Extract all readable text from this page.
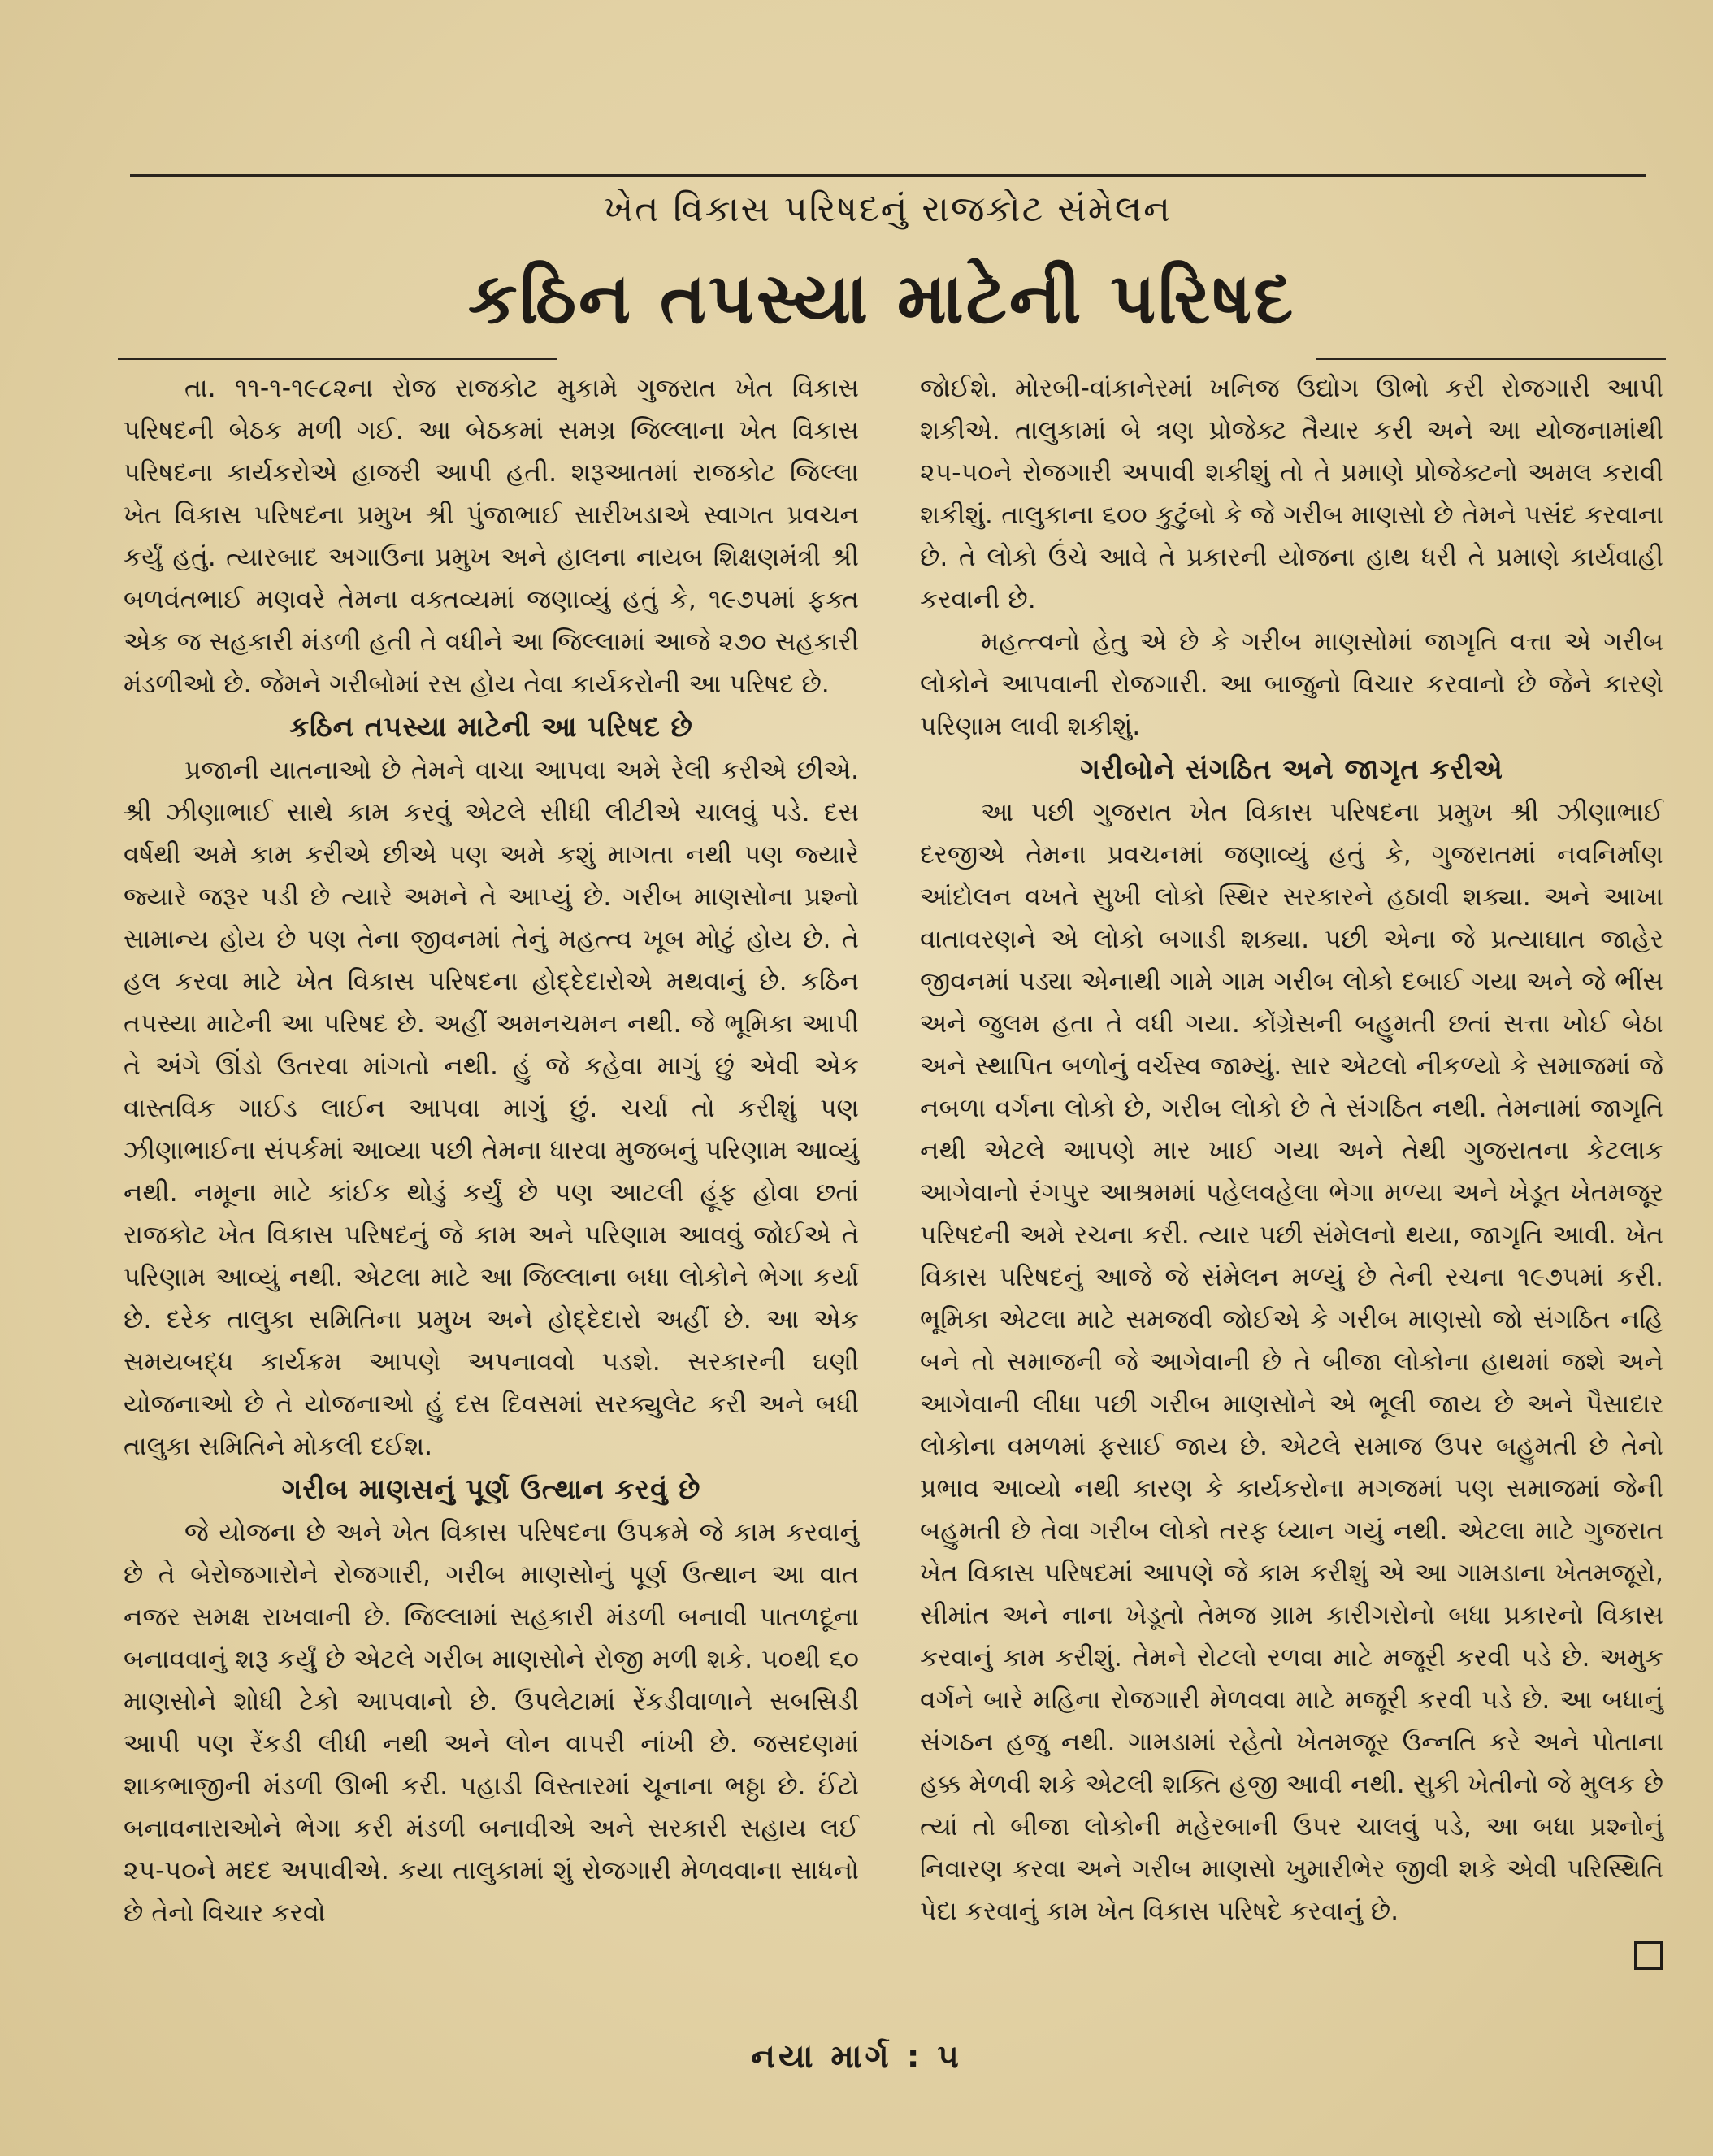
ખેત વિકાસ પરિષદનું રાજકોટ સંમેલન
કઠિન તપસ્યા માટેની પરિષદ

તા. ૧૧-૧-૧૯૮૨ના રોજ રાજકોટ મુકામે ગુજરાત ખેત વિકાસ પરિષદની બેઠક મળી ગઈ. આ બેઠકમાં સમગ્ર જિલ્લાના ખેત વિકાસ પરિષદના કાર્યકરોએ હાજરી આપી હતી. શરૂઆતમાં રાજકોટ જિલ્લા ખેત વિકાસ પરિષદના પ્રમુખ શ્રી પુંજાભાઈ સારીખડાએ સ્વાગત પ્રવચન કર્યું હતું. ત્યારબાદ અગાઉના પ્રમુખ અને હાલના નાયબ શિક્ષણમંત્રી શ્રી બળવંતભાઈ મણવરે તેમના વક્તવ્યમાં જણાવ્યું હતું કે, ૧૯૭૫માં ફક્ત એક જ સહકારી મંડળી હતી તે વધીને આ જિલ્લામાં આજે ૨૭૦ સહકારી મંડળીઓ છે. જેમને ગરીબોમાં રસ હોય તેવા કાર્યકરોની આ પરિષદ છે.

કઠિન તપસ્યા માટેની આ પરિષદ છે

પ્રજાની યાતનાઓ છે તેમને વાચા આપવા અમે રેલી કરીએ છીએ. શ્રી ઝીણાભાઈ સાથે કામ કરવું એટલે સીધી લીટીએ ચાલવું પડે. દસ વર્ષથી અમે કામ કરીએ છીએ પણ અમે કશું માગતા નથી પણ જ્યારે જ્યારે જરૂર પડી છે ત્યારે અમને તે આપ્યું છે. ગરીબ માણસોના પ્રશ્નો સામાન્ય હોય છે પણ તેના જીવનમાં તેનું મહત્ત્વ ખૂબ મોટું હોય છે. તે હલ કરવા માટે ખેત વિકાસ પરિષદના હોદ્દેદારોએ મથવાનું છે. કઠિન તપસ્યા માટેની આ પરિષદ છે. અહીં અમનચમન નથી. જે ભૂમિકા આપી તે અંગે ઊંડો ઉતરવા માંગતો નથી. હું જે કહેવા માગું છું એવી એક વાસ્તવિક ગાઈડ લાઈન આપવા માગું છું. ચર્ચા તો કરીશું પણ ઝીણાભાઈના સંપર્કમાં આવ્યા પછી તેમના ધારવા મુજબનું પરિણામ આવ્યું નથી. નમૂના માટે કાંઈક થોડું કર્યું છે પણ આટલી હૂંફ હોવા છતાં રાજકોટ ખેત વિકાસ પરિષદનું જે કામ અને પરિણામ આવવું જોઈએ તે પરિણામ આવ્યું નથી. એટલા માટે આ જિલ્લાના બધા લોકોને ભેગા કર્યા છે. દરેક તાલુકા સમિતિના પ્રમુખ અને હોદ્દેદારો અહીં છે. આ એક સમયબદ્ધ કાર્યક્રમ આપણે અપનાવવો પડશે. સરકારની ઘણી યોજનાઓ છે તે યોજનાઓ હું દસ દિવસમાં સરક્યુલેટ કરી અને બધી તાલુકા સમિતિને મોકલી દઈશ.

ગરીબ માણસનું પૂર્ણ ઉત્થાન કરવું છે

જે યોજના છે અને ખેત વિકાસ પરિષદના ઉપક્રમે જે કામ કરવાનું છે તે બેરોજગારોને રોજગારી, ગરીબ માણસોનું પૂર્ણ ઉત્થાન આ વાત નજર સમક્ષ રાખવાની છે. જિલ્લામાં સહકારી મંડળી બનાવી પાતળદૂના બનાવવાનું શરૂ કર્યું છે એટલે ગરીબ માણસોને રોજી મળી શકે. ૫૦થી ૬૦ માણસોને શોધી ટેકો આપવાનો છે. ઉપલેટામાં રેંકડીવાળાને સબસિડી આપી પણ રેંકડી લીધી નથી અને લોન વાપરી નાંખી છે. જસદણમાં શાકભાજીની મંડળી ઊભી કરી. પહાડી વિસ્તારમાં ચૂનાના ભઠ્ઠા છે. ઈંટો બનાવનારાઓને ભેગા કરી મંડળી બનાવીએ અને સરકારી સહાય લઈ ૨૫-૫૦ને મદદ અપાવીએ. કયા તાલુકામાં શું રોજગારી મેળવવાના સાધનો છે તેનો વિચાર કરવો

જોઈશે. મોરબી-વાંકાનેરમાં ખનિજ ઉદ્યોગ ઊભો કરી રોજગારી આપી શકીએ. તાલુકામાં બે ત્રણ પ્રોજેક્ટ તૈયાર કરી અને આ યોજનામાંથી ૨૫-૫૦ને રોજગારી અપાવી શકીશું તો તે પ્રમાણે પ્રોજેક્ટનો અમલ કરાવી શકીશું. તાલુકાના ૬૦૦ કુટુંબો કે જે ગરીબ માણસો છે તેમને પસંદ કરવાના છે. તે લોકો ઉંચે આવે તે પ્રકારની યોજના હાથ ધરી તે પ્રમાણે કાર્યવાહી કરવાની છે.

મહત્ત્વનો હેતુ એ છે કે ગરીબ માણસોમાં જાગૃતિ વત્તા એ ગરીબ લોકોને આપવાની રોજગારી. આ બાજુનો વિચાર કરવાનો છે જેને કારણે પરિણામ લાવી શકીશું.

ગરીબોને સંગઠિત અને જાગૃત કરીએ

આ પછી ગુજરાત ખેત વિકાસ પરિષદના પ્રમુખ શ્રી ઝીણાભાઈ દરજીએ તેમના પ્રવચનમાં જણાવ્યું હતું કે, ગુજરાતમાં નવનિર્માણ આંદોલન વખતે સુખી લોકો સ્થિર સરકારને હઠાવી શક્યા. અને આખા વાતાવરણને એ લોકો બગાડી શક્યા. પછી એના જે પ્રત્યાઘાત જાહેર જીવનમાં પડ્યા એનાથી ગામે ગામ ગરીબ લોકો દબાઈ ગયા અને જે ભીંસ અને જુલમ હતા તે વધી ગયા. કોંગ્રેસની બહુમતી છતાં સત્તા ખોઈ બેઠા અને સ્થાપિત બળોનું વર્ચસ્વ જામ્યું. સાર એટલો નીકળ્યો કે સમાજમાં જે નબળા વર્ગના લોકો છે, ગરીબ લોકો છે તે સંગઠિત નથી. તેમનામાં જાગૃતિ નથી એટલે આપણે માર ખાઈ ગયા અને તેથી ગુજરાતના કેટલાક આગેવાનો રંગપુર આશ્રમમાં પહેલવહેલા ભેગા મળ્યા અને ખેડૂત ખેતમજૂર પરિષદની અમે રચના કરી. ત્યાર પછી સંમેલનો થયા, જાગૃતિ આવી. ખેત વિકાસ પરિષદનું આજે જે સંમેલન મળ્યું છે તેની રચના ૧૯૭૫માં કરી. ભૂમિકા એટલા માટે સમજવી જોઈએ કે ગરીબ માણસો જો સંગઠિત નહિ બને તો સમાજની જે આગેવાની છે તે બીજા લોકોના હાથમાં જશે અને આગેવાની લીધા પછી ગરીબ માણસોને એ ભૂલી જાય છે અને પૈસાદાર લોકોના વમળમાં ફસાઈ જાય છે. એટલે સમાજ ઉપર બહુમતી છે તેનો પ્રભાવ આવ્યો નથી કારણ કે કાર્યકરોના મગજમાં પણ સમાજમાં જેની બહુમતી છે તેવા ગરીબ લોકો તરફ ધ્યાન ગયું નથી. એટલા માટે ગુજરાત ખેત વિકાસ પરિષદમાં આપણે જે કામ કરીશું એ આ ગામડાના ખેતમજૂરો, સીમાંત અને નાના ખેડૂતો તેમજ ગ્રામ કારીગરોનો બધા પ્રકારનો વિકાસ કરવાનું કામ કરીશું. તેમને રોટલો રળવા માટે મજૂરી કરવી પડે છે. અમુક વર્ગને બારે મહિના રોજગારી મેળવવા માટે મજૂરી કરવી પડે છે. આ બધાનું સંગઠન હજુ નથી. ગામડામાં રહેતો ખેતમજૂર ઉન્નતિ કરે અને પોતાના હક્ક મેળવી શકે એટલી શક્તિ હજી આવી નથી. સુકી ખેતીનો જે મુલક છે ત્યાં તો બીજા લોકોની મહેરબાની ઉપર ચાલવું પડે, આ બધા પ્રશ્નોનું નિવારણ કરવા અને ગરીબ માણસો ખુમારીભેર જીવી શકે એવી પરિસ્થિતિ પેદા કરવાનું કામ ખેત વિકાસ પરિષદે કરવાનું છે.

નયા માર્ગ : ૫
